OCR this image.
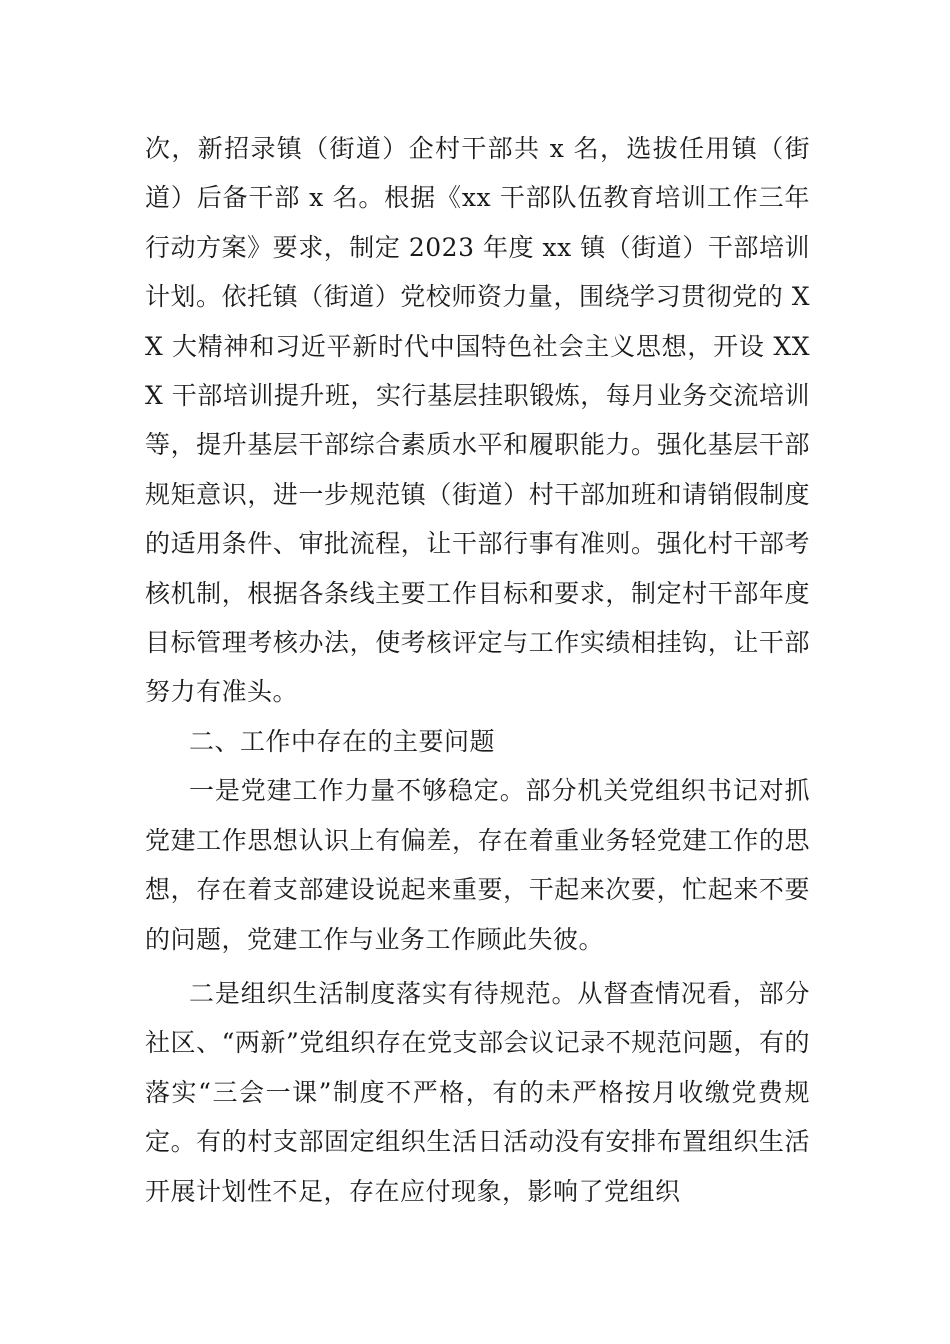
次，新招录镇（街道）企村干部共 x 名，选拔任用镇（街道）后备干部 x 名。根据《xx 干部队伍教育培训工作三年行动方案》要求，制定 2023 年度 xx 镇（街道）干部培训计划。依托镇（街道）党校师资力量，围绕学习贯彻党的 XX 大精神和习近平新时代中国特色社会主义思想，开设 XXX 干部培训提升班，实行基层挂职锻炼，每月业务交流培训等，提升基层干部综合素质水平和履职能力。强化基层干部规矩意识，进一步规范镇（街道）村干部加班和请销假制度的适用条件、审批流程，让干部行事有准则。强化村干部考核机制，根据各条线主要工作目标和要求，制定村干部年度目标管理考核办法，使考核评定与工作实绩相挂钩，让干部努力有准头。

二、工作中存在的主要问题

一是党建工作力量不够稳定。部分机关党组织书记对抓党建工作思想认识上有偏差，存在着重业务轻党建工作的思想，存在着支部建设说起来重要，干起来次要，忙起来不要的问题，党建工作与业务工作顾此失彼。

二是组织生活制度落实有待规范。从督查情况看，部分社区、“两新”党组织存在党支部会议记录不规范问题，有的落实“三会一课”制度不严格，有的未严格按月收缴党费规定。有的村支部固定组织生活日活动没有安排布置组织生活开展计划性不足，存在应付现象，影响了党组织
